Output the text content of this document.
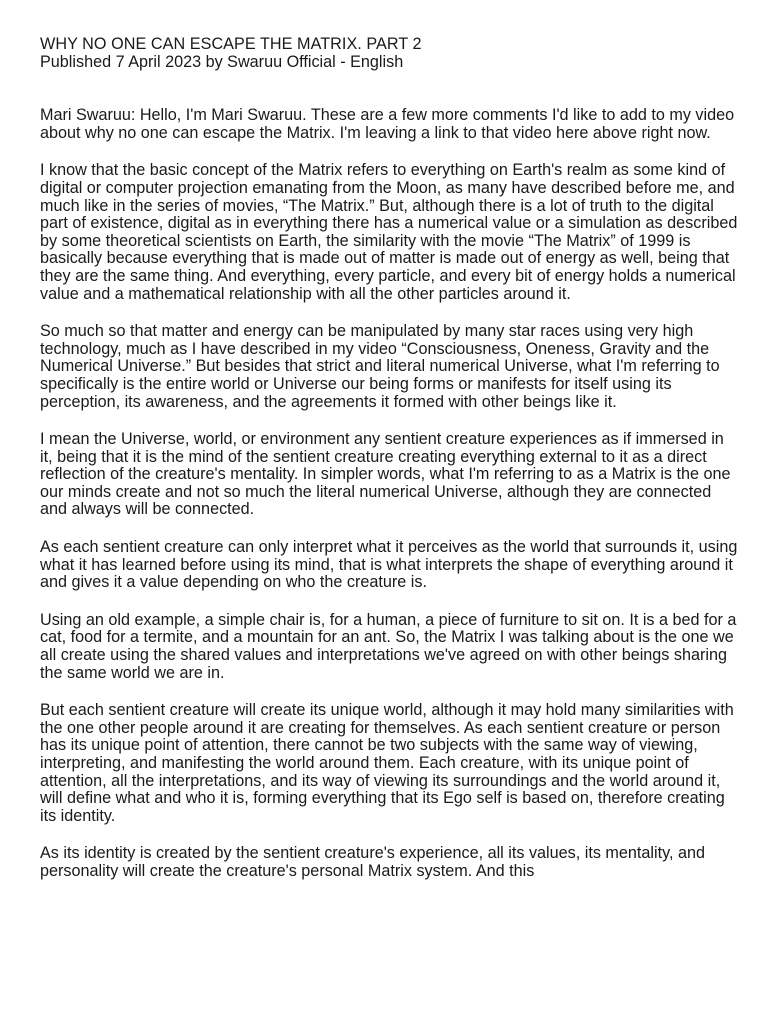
WHY NO ONE CAN ESCAPE THE MATRIX. PART 2

Published 7 April 2023 by Swaruu Official - English

Mari Swaruu: Hello, I'm Mari Swaruu. These are a few more comments I'd like to add to my video about why no one can escape the Matrix. I'm leaving a link to that video here above right now.

I know that the basic concept of the Matrix refers to everything on Earth's realm as some kind of digital or computer projection emanating from the Moon, as many have described before me, and much like in the series of movies, “The Matrix.” But, although there is a lot of truth to the digital part of existence, digital as in everything there has a numerical value or a simulation as described by some theoretical scientists on Earth, the similarity with the movie “The Matrix” of 1999 is basically because everything that is made out of matter is made out of energy as well, being that they are the same thing. And everything, every particle, and every bit of energy holds a numerical value and a mathematical relationship with all the other particles around it.

So much so that matter and energy can be manipulated by many star races using very high technology, much as I have described in my video “Consciousness, Oneness, Gravity and the Numerical Universe.” But besides that strict and literal numerical Universe, what I'm referring to specifically is the entire world or Universe our being forms or manifests for itself using its perception, its awareness, and the agreements it formed with other beings like it.

I mean the Universe, world, or environment any sentient creature experiences as if immersed in it, being that it is the mind of the sentient creature creating everything external to it as a direct reflection of the creature's mentality. In simpler words, what I'm referring to as a Matrix is the one our minds create and not so much the literal numerical Universe, although they are connected and always will be connected.

As each sentient creature can only interpret what it perceives as the world that surrounds it, using what it has learned before using its mind, that is what interprets the shape of everything around it and gives it a value depending on who the creature is.

Using an old example, a simple chair is, for a human, a piece of furniture to sit on. It is a bed for a cat, food for a termite, and a mountain for an ant. So, the Matrix I was talking about is the one we all create using the shared values and interpretations we've agreed on with other beings sharing the same world we are in.

But each sentient creature will create its unique world, although it may hold many similarities with the one other people around it are creating for themselves. As each sentient creature or person has its unique point of attention, there cannot be two subjects with the same way of viewing, interpreting, and manifesting the world around them. Each creature, with its unique point of attention, all the interpretations, and its way of viewing its surroundings and the world around it, will define what and who it is, forming everything that its Ego self is based on, therefore creating its identity.

As its identity is created by the sentient creature's experience, all its values, its mentality, and personality will create the creature's personal Matrix system. And this
